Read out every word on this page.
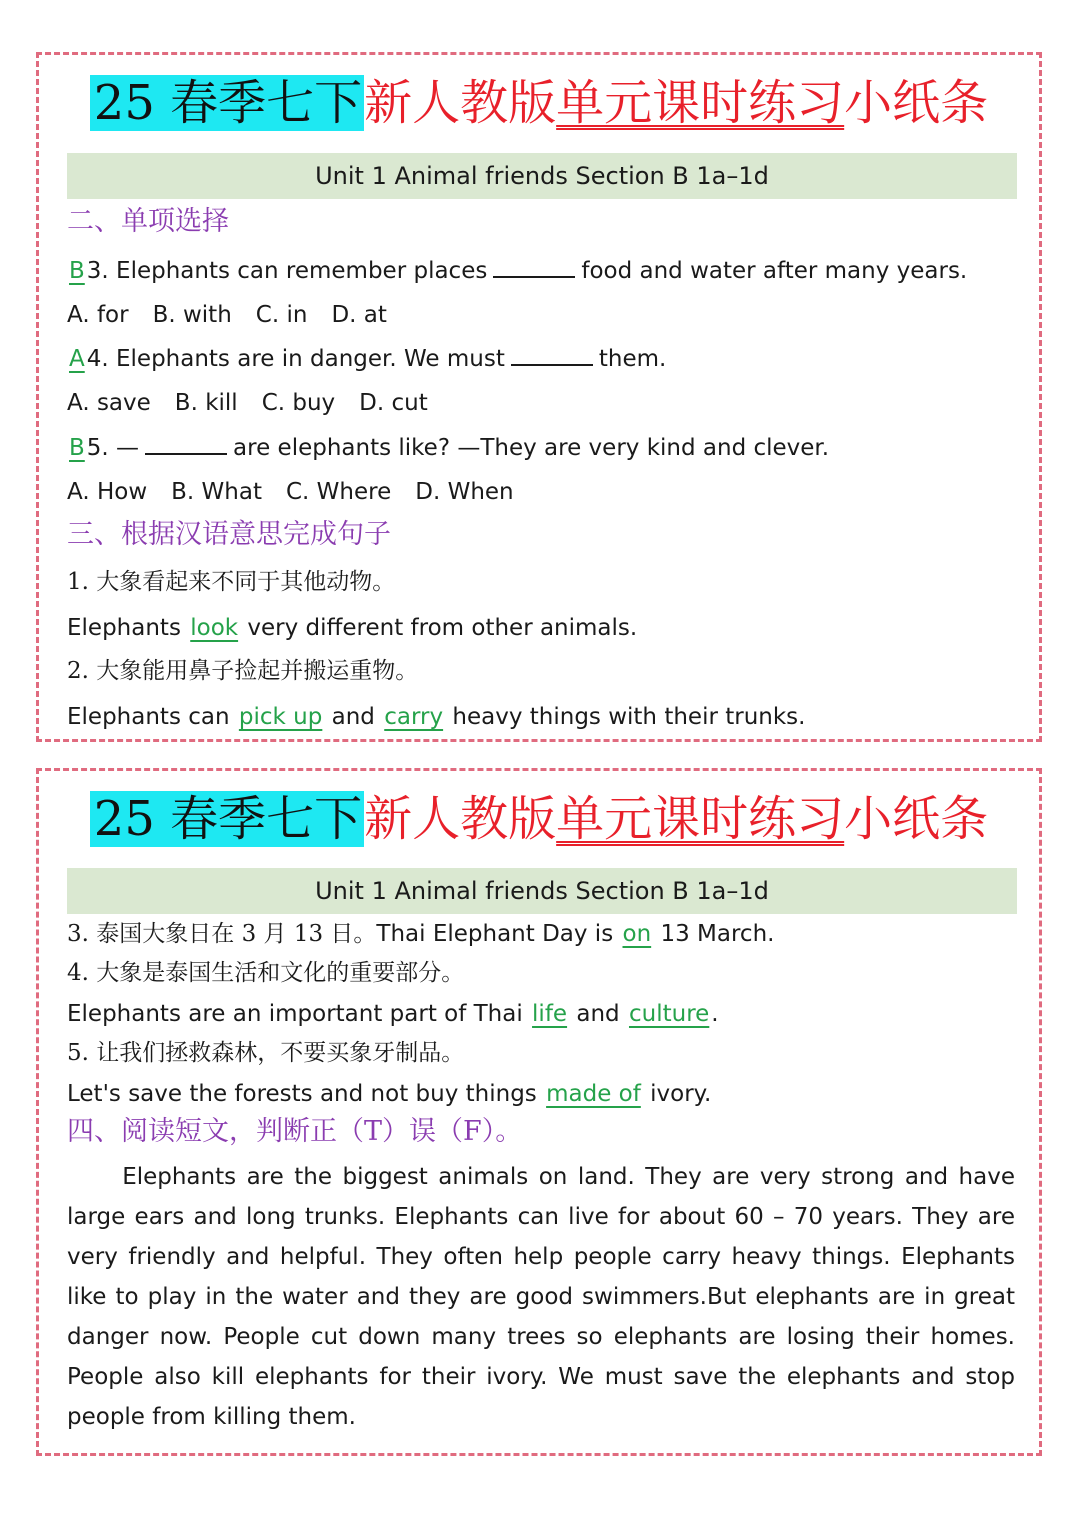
25 春季七下新人教版单元课时练习小纸条
Unit 1 Animal friends Section B 1a–1d
二、单项选择
B3. Elephants can remember places	food and water after many years.
A. for B. with C. in D. at
A4. Elephants are in danger. We must	them.
A. save B. kill C. buy D. cut
B5. —	are elephants like? —They are very kind and clever.
A. How B. What C. Where D. When
三、根据汉语意思完成句子
1. 大象看起来不同于其他动物。
Elephants look very different from other animals.
2. 大象能用鼻子捡起并搬运重物。
Elephants can pick up and carry heavy things with their trunks.
25 春季七下新人教版单元课时练习小纸条
Unit 1 Animal friends Section B 1a–1d
3. 泰国大象日在 3 月 13 日。Thai Elephant Day is on 13 March.
4. 大象是泰国生活和文化的重要部分。
Elephants are an important part of Thai life and culture.
5. 让我们拯救森林，不要买象牙制品。
Let's save the forests and not buy things made of ivory.
四、阅读短文，判断正（T）误（F）。

Elephants are the biggest animals on land. They are very strong and have large ears and long trunks. Elephants can live for about 60 – 70 years. They are very friendly and helpful. They often help people carry heavy things. Elephants like to play in the water and they are good swimmers.But elephants are in great danger now. People cut down many trees so elephants are losing their homes. People also kill elephants for their ivory. We must save the elephants and stop people from killing them.
